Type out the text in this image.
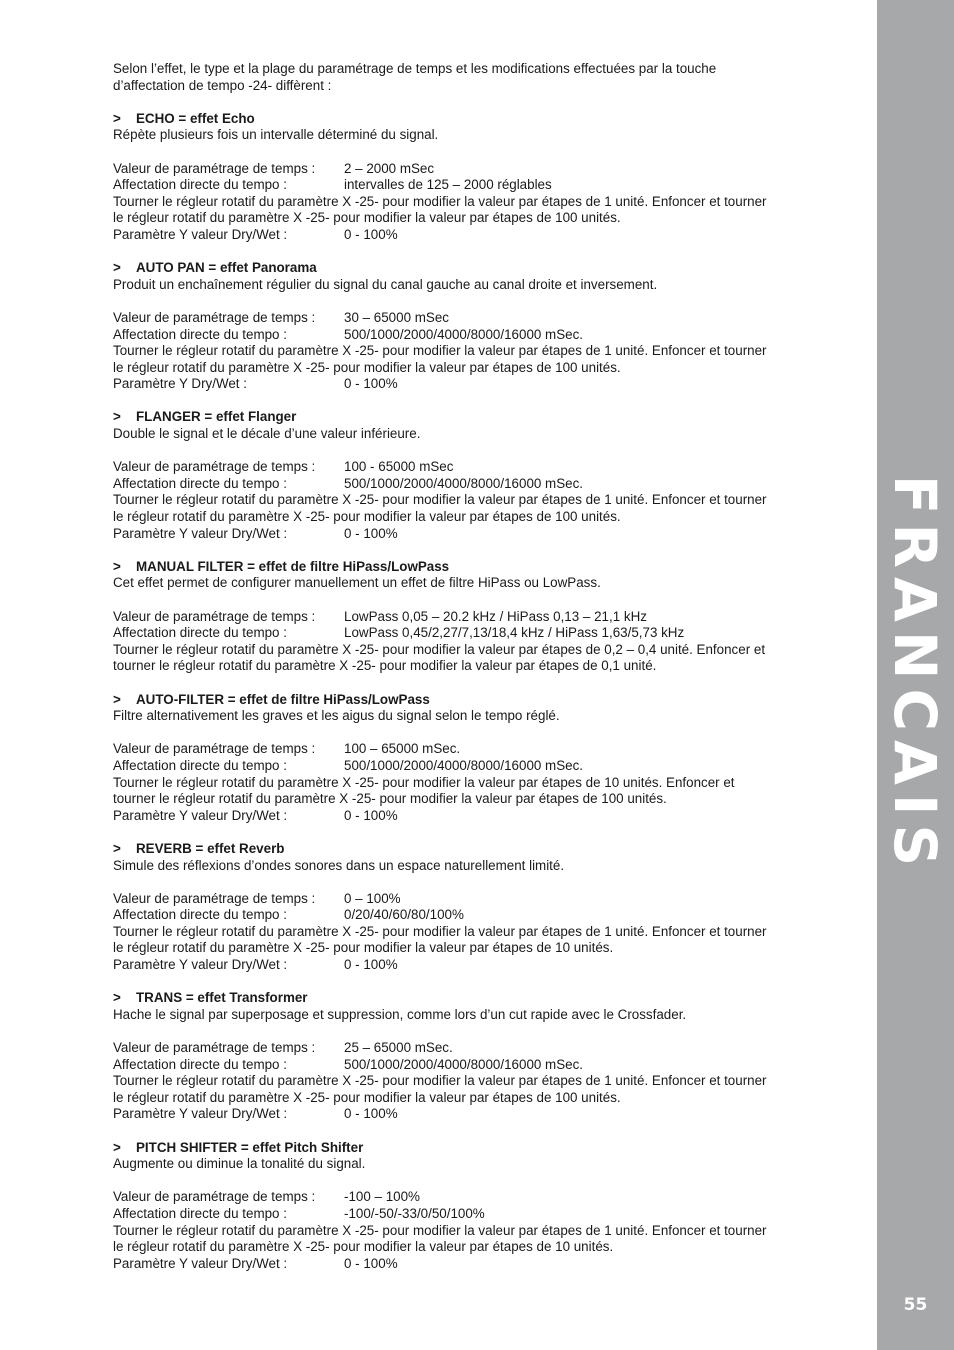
Selon l’effet, le type et la plage du paramétrage de temps et les modifications effectuées par la touche d’affectation de tempo -24- diffèrent :

> ECHO = effet Echo

Répète plusieurs fois un intervalle déterminé du signal.

Valeur de paramétrage de temps :	2 – 2000 mSec
Affectation directe du tempo :	intervalles de 125 – 2000 réglables

Tourner le régleur rotatif du paramètre X -25- pour modifier la valeur par étapes de 1 unité. Enfoncer et tourner le régleur rotatif du paramètre X -25- pour modifier la valeur par étapes de 100 unités.

Paramètre Y valeur Dry/Wet :	0 - 100%

> AUTO PAN = effet Panorama

Produit un enchaînement régulier du signal du canal gauche au canal droite et inversement.

Valeur de paramétrage de temps :	30 – 65000 mSec
Affectation directe du tempo :	500/1000/2000/4000/8000/16000 mSec.

Tourner le régleur rotatif du paramètre X -25- pour modifier la valeur par étapes de 1 unité. Enfoncer et tourner le régleur rotatif du paramètre X -25- pour modifier la valeur par étapes de 100 unités.

Paramètre Y Dry/Wet :	0 - 100%

> FLANGER = effet Flanger

Double le signal et le décale d’une valeur inférieure.

Valeur de paramétrage de temps :	100 - 65000 mSec
Affectation directe du tempo :	500/1000/2000/4000/8000/16000 mSec.

Tourner le régleur rotatif du paramètre X -25- pour modifier la valeur par étapes de 1 unité. Enfoncer et tourner le régleur rotatif du paramètre X -25- pour modifier la valeur par étapes de 100 unités.

Paramètre Y valeur Dry/Wet :	0 - 100%

> MANUAL FILTER = effet de filtre HiPass/LowPass

Cet effet permet de configurer manuellement un effet de filtre HiPass ou LowPass.

Valeur de paramétrage de temps :	LowPass 0,05 – 20.2 kHz / HiPass 0,13 – 21,1 kHz
Affectation directe du tempo :	LowPass 0,45/2,27/7,13/18,4 kHz / HiPass 1,63/5,73 kHz

Tourner le régleur rotatif du paramètre X -25- pour modifier la valeur par étapes de 0,2 – 0,4 unité. Enfoncer et tourner le régleur rotatif du paramètre X -25- pour modifier la valeur par étapes de 0,1 unité.

> AUTO-FILTER = effet de filtre HiPass/LowPass

Filtre alternativement les graves et les aigus du signal selon le tempo réglé.

Valeur de paramétrage de temps :	100 – 65000 mSec.
Affectation directe du tempo :	500/1000/2000/4000/8000/16000 mSec.

Tourner le régleur rotatif du paramètre X -25- pour modifier la valeur par étapes de 10 unités. Enfoncer et tourner le régleur rotatif du paramètre X -25- pour modifier la valeur par étapes de 100 unités.

Paramètre Y valeur Dry/Wet :	0 - 100%

> REVERB = effet Reverb

Simule des réflexions d’ondes sonores dans un espace naturellement limité.

Valeur de paramétrage de temps :	0 – 100%
Affectation directe du tempo :	0/20/40/60/80/100%

Tourner le régleur rotatif du paramètre X -25- pour modifier la valeur par étapes de 1 unité. Enfoncer et tourner le régleur rotatif du paramètre X -25- pour modifier la valeur par étapes de 10 unités.

Paramètre Y valeur Dry/Wet :	0 - 100%

> TRANS = effet Transformer

Hache le signal par superposage et suppression, comme lors d’un cut rapide avec le Crossfader.

Valeur de paramétrage de temps :	25 – 65000 mSec.
Affectation directe du tempo :	500/1000/2000/4000/8000/16000 mSec.

Tourner le régleur rotatif du paramètre X -25- pour modifier la valeur par étapes de 1 unité. Enfoncer et tourner le régleur rotatif du paramètre X -25- pour modifier la valeur par étapes de 100 unités.

Paramètre Y valeur Dry/Wet :	0 - 100%

> PITCH SHIFTER = effet Pitch Shifter

Augmente ou diminue la tonalité du signal.

Valeur de paramétrage de temps :	-100 – 100%
Affectation directe du tempo :	-100/-50/-33/0/50/100%

Tourner le régleur rotatif du paramètre X -25- pour modifier la valeur par étapes de 1 unité. Enfoncer et tourner le régleur rotatif du paramètre X -25- pour modifier la valeur par étapes de 10 unités.

Paramètre Y valeur Dry/Wet :	0 - 100%
FRANCAIS
55
